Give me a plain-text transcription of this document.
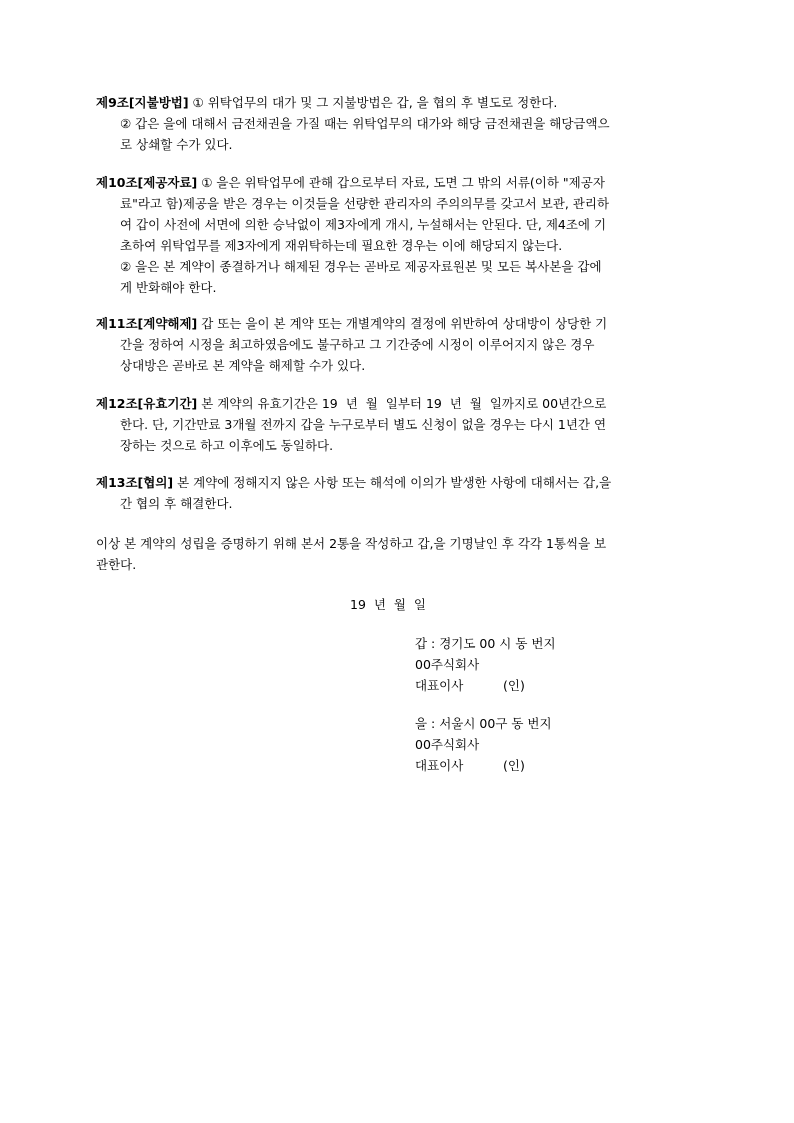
제9조[지불방법] ① 위탁업무의 대가 및 그 지불방법은 갑, 을 협의 후 별도로 정한다.
② 갑은 을에 대해서 금전채권을 가질 때는 위탁업무의 대가와 해당 금전채권을 해당금액으
로 상쇄할 수가 있다.
제10조[제공자료] ① 을은 위탁업무에 관해 갑으로부터 자료, 도면 그 밖의 서류(이하 "제공자
료"라고 함)제공을 받은 경우는 이것들을 선량한 관리자의 주의의무를 갖고서 보관, 관리하
여 갑이 사전에 서면에 의한 승낙없이 제3자에게 개시, 누설해서는 안된다. 단, 제4조에 기
초하여 위탁업무를 제3자에게 재위탁하는데 필요한 경우는 이에 해당되지 않는다.
② 을은 본 계약이 종결하거나 해제된 경우는 곧바로 제공자료원본 및 모든 복사본을 갑에
게 반화해야 한다.
제11조[계약해제] 갑 또는 을이 본 계약 또는 개별계약의 결정에 위반하여 상대방이 상당한 기
간을 정하여 시정을 최고하였음에도 불구하고 그 기간중에 시정이 이루어지지 않은 경우
상대방은 곧바로 본 계약을 해제할 수가 있다.
제12조[유효기간] 본 계약의 유효기간은 19  년  월  일부터 19  년  월  일까지로 00년간으로
한다. 단, 기간만료 3개월 전까지 갑을 누구로부터 별도 신청이 없을 경우는 다시 1년간 연
장하는 것으로 하고 이후에도 동일하다.
제13조[협의] 본 계약에 정해지지 않은 사항 또는 해석에 이의가 발생한 사항에 대해서는 갑,을
간 협의 후 해결한다.
이상 본 계약의 성립을 증명하기 위해 본서 2통을 작성하고 갑,을 기명날인 후 각각 1통씩을 보
관한다.
19  년  월  일
갑 : 경기도 00 시 동 번지
00주식회사
대표이사          (인)
을 : 서울시 00구 동 번지
00주식회사
대표이사          (인)
